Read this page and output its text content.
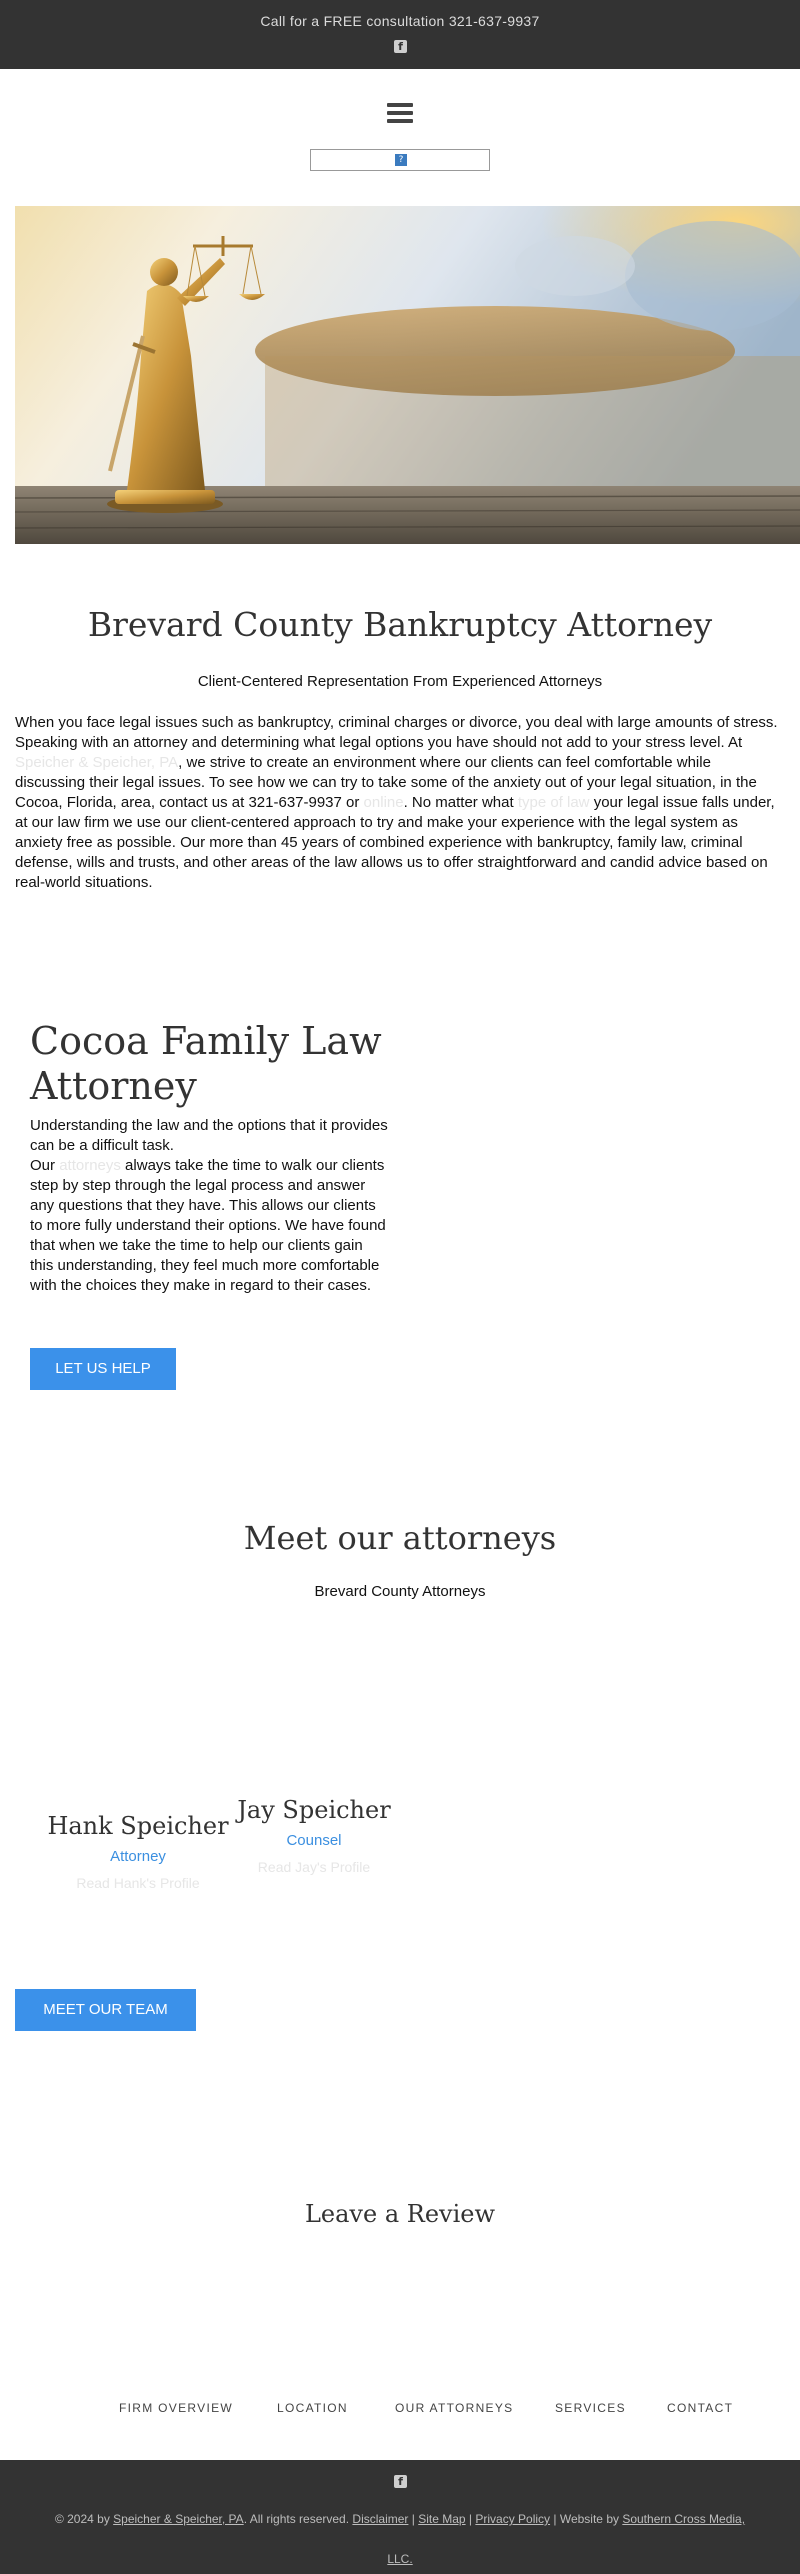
Call for a FREE consultation 321-637-9937
f
?
Brevard County Bankruptcy Attorney
Client-Centered Representation From Experienced Attorneys
When you face legal issues such as bankruptcy, criminal charges or divorce, you deal with large amounts of stress. Speaking with an attorney and determining what legal options you have should not add to your stress level. At Speicher & Speicher, PA, we strive to create an environment where our clients can feel comfortable while discussing their legal issues. To see how we can try to take some of the anxiety out of your legal situation, in the Cocoa, Florida, area, contact us at 321-637-9937 or online. No matter what type of law your legal issue falls under, at our law firm we use our client-centered approach to try and make your experience with the legal system as anxiety free as possible. Our more than 45 years of combined experience with bankruptcy, family law, criminal defense, wills and trusts, and other areas of the law allows us to offer straightforward and candid advice based on real-world situations.
Cocoa Family Law Attorney
Understanding the law and the options that it provides can be a difficult task.
Our attorneys always take the time to walk our clients step by step through the legal process and answer any questions that they have. This allows our clients to more fully understand their options. We have found that when we take the time to help our clients gain this understanding, they feel much more comfortable with the choices they make in regard to their cases.
LET US HELP
Meet our attorneys
Brevard County Attorneys
Hank Speicher
Attorney
Read Hank's Profile
Jay Speicher
Counsel
Read Jay's Profile
MEET OUR TEAM
Leave a Review
FIRM OVERVIEW	LOCATION	OUR ATTORNEYS	SERVICES	CONTACT
f
© 2024 by Speicher & Speicher, PA. All rights reserved. Disclaimer | Site Map | Privacy Policy | Website by Southern Cross Media,
LLC.
